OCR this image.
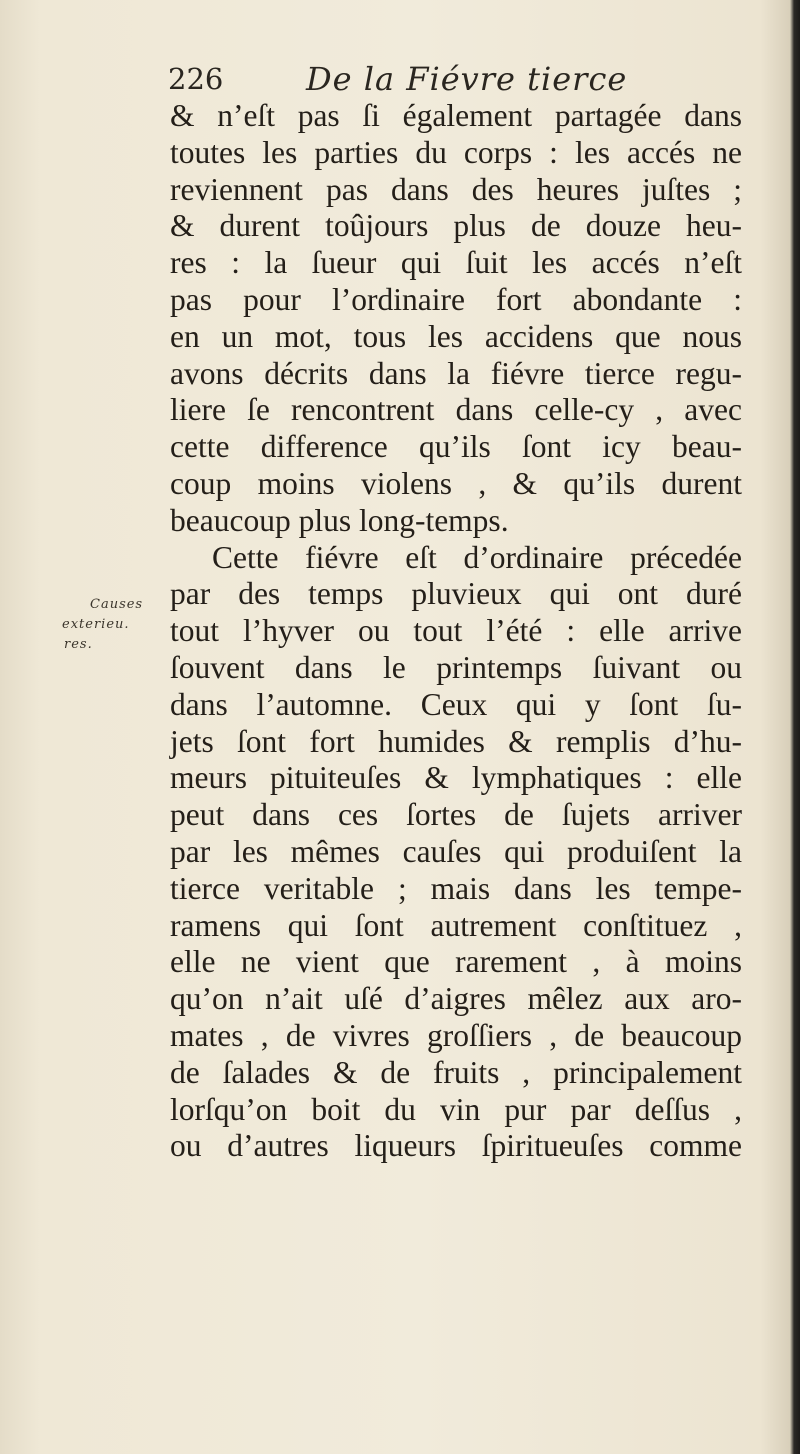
226	De la Fiévre tierce
Causes
exterieu.
res.
& n’eſt pas ſi également partagée dans
toutes les parties du corps : les accés ne
reviennent pas dans des heures juſtes ;
& durent toûjours plus de douze heu-
res : la ſueur qui ſuit les accés n’eſt
pas pour l’ordinaire fort abondante :
en un mot, tous les accidens que nous
avons décrits dans la fiévre tierce regu-
liere ſe rencontrent dans celle-cy , avec
cette difference qu’ils ſont icy beau-
coup moins violens , & qu’ils durent
beaucoup plus long-temps.
Cette fiévre eſt d’ordinaire précedée
par des temps pluvieux qui ont duré
tout l’hyver ou tout l’été : elle arrive
ſouvent dans le printemps ſuivant ou
dans l’automne. Ceux qui y ſont ſu-
jets ſont fort humides & remplis d’hu-
meurs pituiteuſes & lymphatiques : elle
peut dans ces ſortes de ſujets arriver
par les mêmes cauſes qui produiſent la
tierce veritable ; mais dans les tempe-
ramens qui ſont autrement conſtituez ,
elle ne vient que rarement , à moins
qu’on n’ait uſé d’aigres mêlez aux aro-
mates , de vivres groſſiers , de beaucoup
de ſalades & de fruits , principalement
lorſqu’on boit du vin pur par deſſus ,
ou d’autres liqueurs ſpiritueuſes comme
